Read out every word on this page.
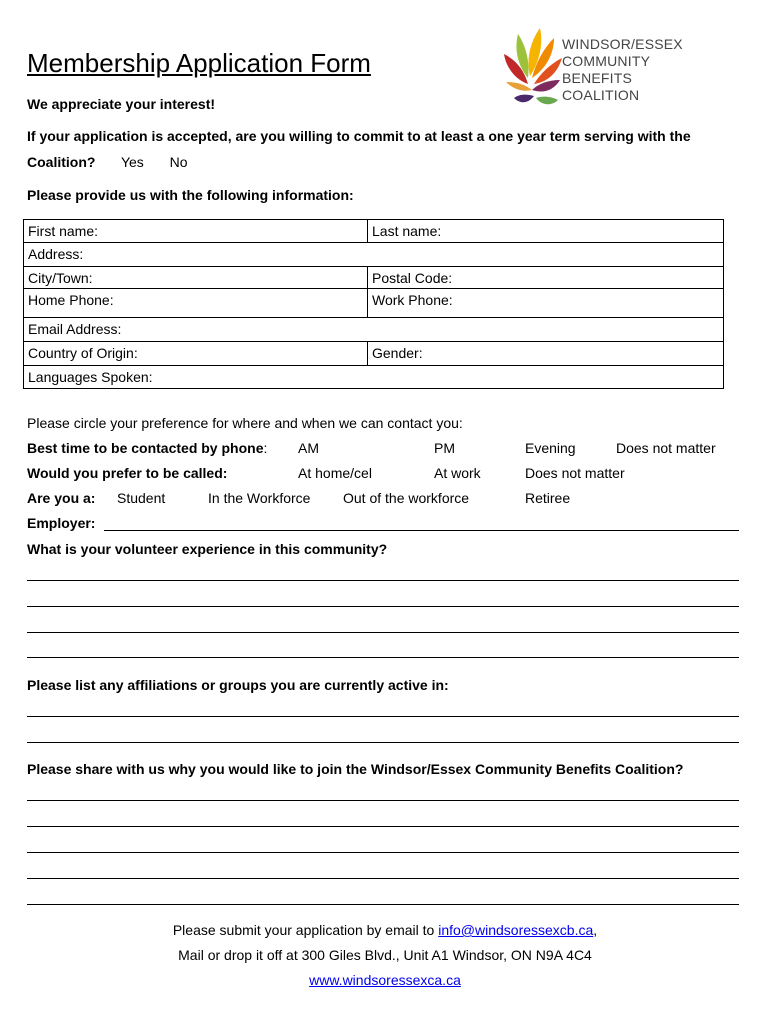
Membership Application Form
WINDSOR/ESSEX
COMMUNITY
BENEFITS
COALITION
We appreciate your interest!
If your application is accepted, are you willing to commit to at least a one year term serving with the
Coalition? Yes No
Please provide us with the following information:
First name:	Last name:
Address:
City/Town:	Postal Code:
Home Phone:	Work Phone:
Email Address:
Country of Origin:	Gender:
Languages Spoken:
Please circle your preference for where and when we can contact you:
Best time to be contacted by phone: AM	PM	Evening	Does not matter
Would you prefer to be called:	At home/cel	At work	Does not matter
Are you a: Student	In the Workforce Out of the workforce	Retiree
Employer:
What is your volunteer experience in this community?
Please list any affiliations or groups you are currently active in:
Please share with us why you would like to join the Windsor/Essex Community Benefits Coalition?
Please submit your application by email to info@windsoressexcb.ca,
Mail or drop it off at 300 Giles Blvd., Unit A1 Windsor, ON N9A 4C4
www.windsoressexca.ca
